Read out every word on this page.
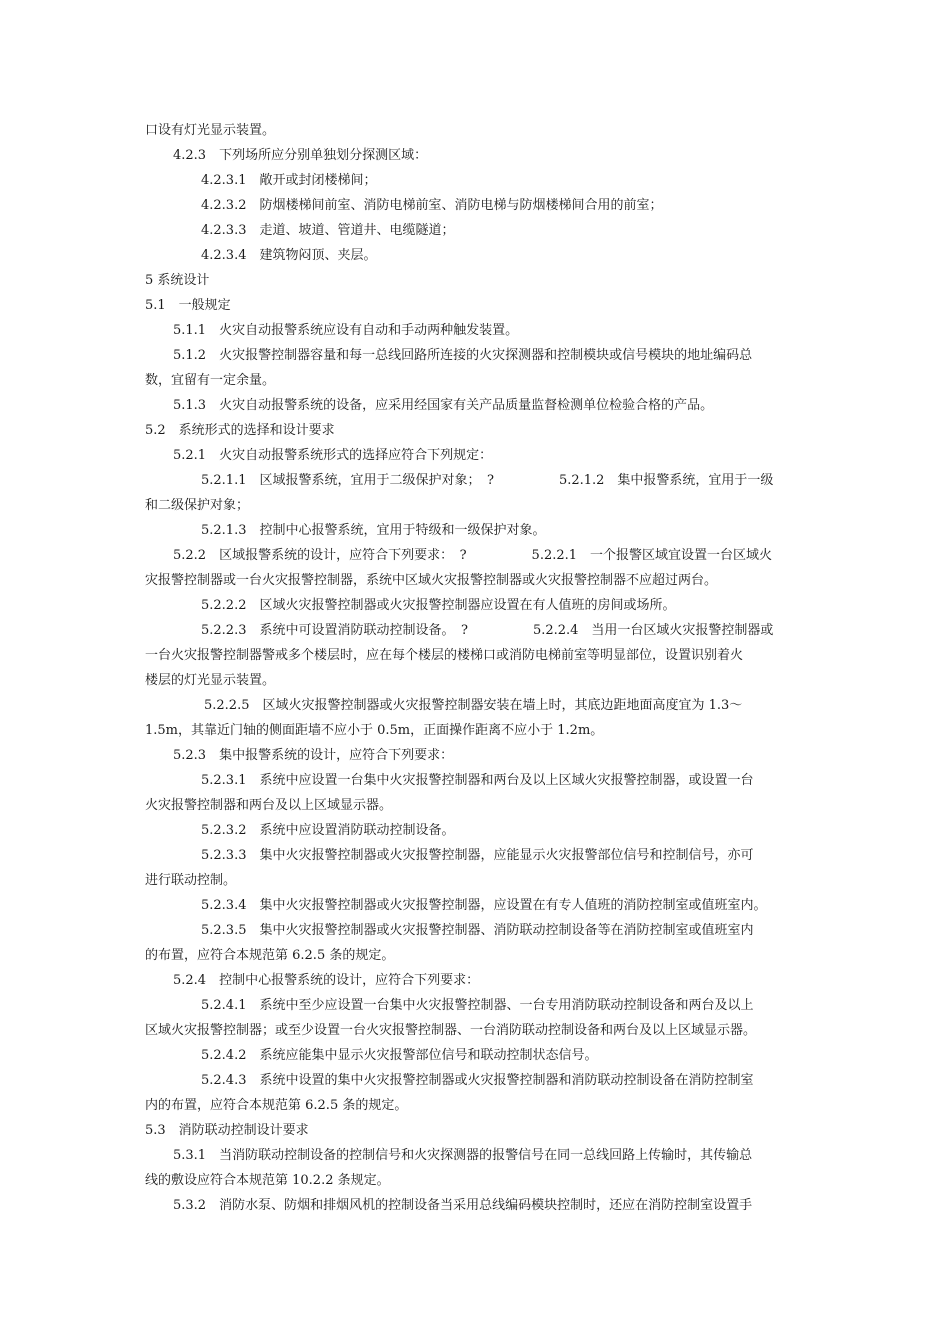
口设有灯光显示装置。
4.2.3　下列场所应分别单独划分探测区域：
4.2.3.1　敞开或封闭楼梯间；
4.2.3.2　防烟楼梯间前室、消防电梯前室、消防电梯与防烟楼梯间合用的前室；
4.2.3.3　走道、坡道、管道井、电缆隧道；
4.2.3.4　建筑物闷顶、夹层。
5 系统设计
5.1　一般规定
5.1.1　火灾自动报警系统应设有自动和手动两种触发装置。
5.1.2　火灾报警控制器容量和每一总线回路所连接的火灾探测器和控制模块或信号模块的地址编码总
数，宜留有一定余量。
5.1.3　火灾自动报警系统的设备，应采用经国家有关产品质量监督检测单位检验合格的产品。
5.2　系统形式的选择和设计要求
5.2.1　火灾自动报警系统形式的选择应符合下列规定：
5.2.1.1　区域报警系统，宜用于二级保护对象；　?　　　　　5.2.1.2　集中报警系统，宜用于一级
和二级保护对象；
5.2.1.3　控制中心报警系统，宜用于特级和一级保护对象。
5.2.2　区域报警系统的设计，应符合下列要求：　?　　　　　5.2.2.1　一个报警区域宜设置一台区域火
灾报警控制器或一台火灾报警控制器，系统中区域火灾报警控制器或火灾报警控制器不应超过两台。
5.2.2.2　区域火灾报警控制器或火灾报警控制器应设置在有人值班的房间或场所。
5.2.2.3　系统中可设置消防联动控制设备。　?　　　　　5.2.2.4　当用一台区域火灾报警控制器或
一台火灾报警控制器警戒多个楼层时，应在每个楼层的楼梯口或消防电梯前室等明显部位，设置识别着火
楼层的灯光显示装置。
5.2.2.5　区域火灾报警控制器或火灾报警控制器安装在墙上时，其底边距地面高度宜为 1.3～
1.5m，其靠近门轴的侧面距墙不应小于 0.5m，正面操作距离不应小于 1.2m。
5.2.3　集中报警系统的设计，应符合下列要求：
5.2.3.1　系统中应设置一台集中火灾报警控制器和两台及以上区域火灾报警控制器，或设置一台
火灾报警控制器和两台及以上区域显示器。
5.2.3.2　系统中应设置消防联动控制设备。
5.2.3.3　集中火灾报警控制器或火灾报警控制器，应能显示火灾报警部位信号和控制信号，亦可
进行联动控制。
5.2.3.4　集中火灾报警控制器或火灾报警控制器，应设置在有专人值班的消防控制室或值班室内。
5.2.3.5　集中火灾报警控制器或火灾报警控制器、消防联动控制设备等在消防控制室或值班室内
的布置，应符合本规范第 6.2.5 条的规定。
5.2.4　控制中心报警系统的设计，应符合下列要求：
5.2.4.1　系统中至少应设置一台集中火灾报警控制器、一台专用消防联动控制设备和两台及以上
区域火灾报警控制器；或至少设置一台火灾报警控制器、一台消防联动控制设备和两台及以上区域显示器。
5.2.4.2　系统应能集中显示火灾报警部位信号和联动控制状态信号。
5.2.4.3　系统中设置的集中火灾报警控制器或火灾报警控制器和消防联动控制设备在消防控制室
内的布置，应符合本规范第 6.2.5 条的规定。
5.3　消防联动控制设计要求
5.3.1　当消防联动控制设备的控制信号和火灾探测器的报警信号在同一总线回路上传输时，其传输总
线的敷设应符合本规范第 10.2.2 条规定。
5.3.2　消防水泵、防烟和排烟风机的控制设备当采用总线编码模块控制时，还应在消防控制室设置手
